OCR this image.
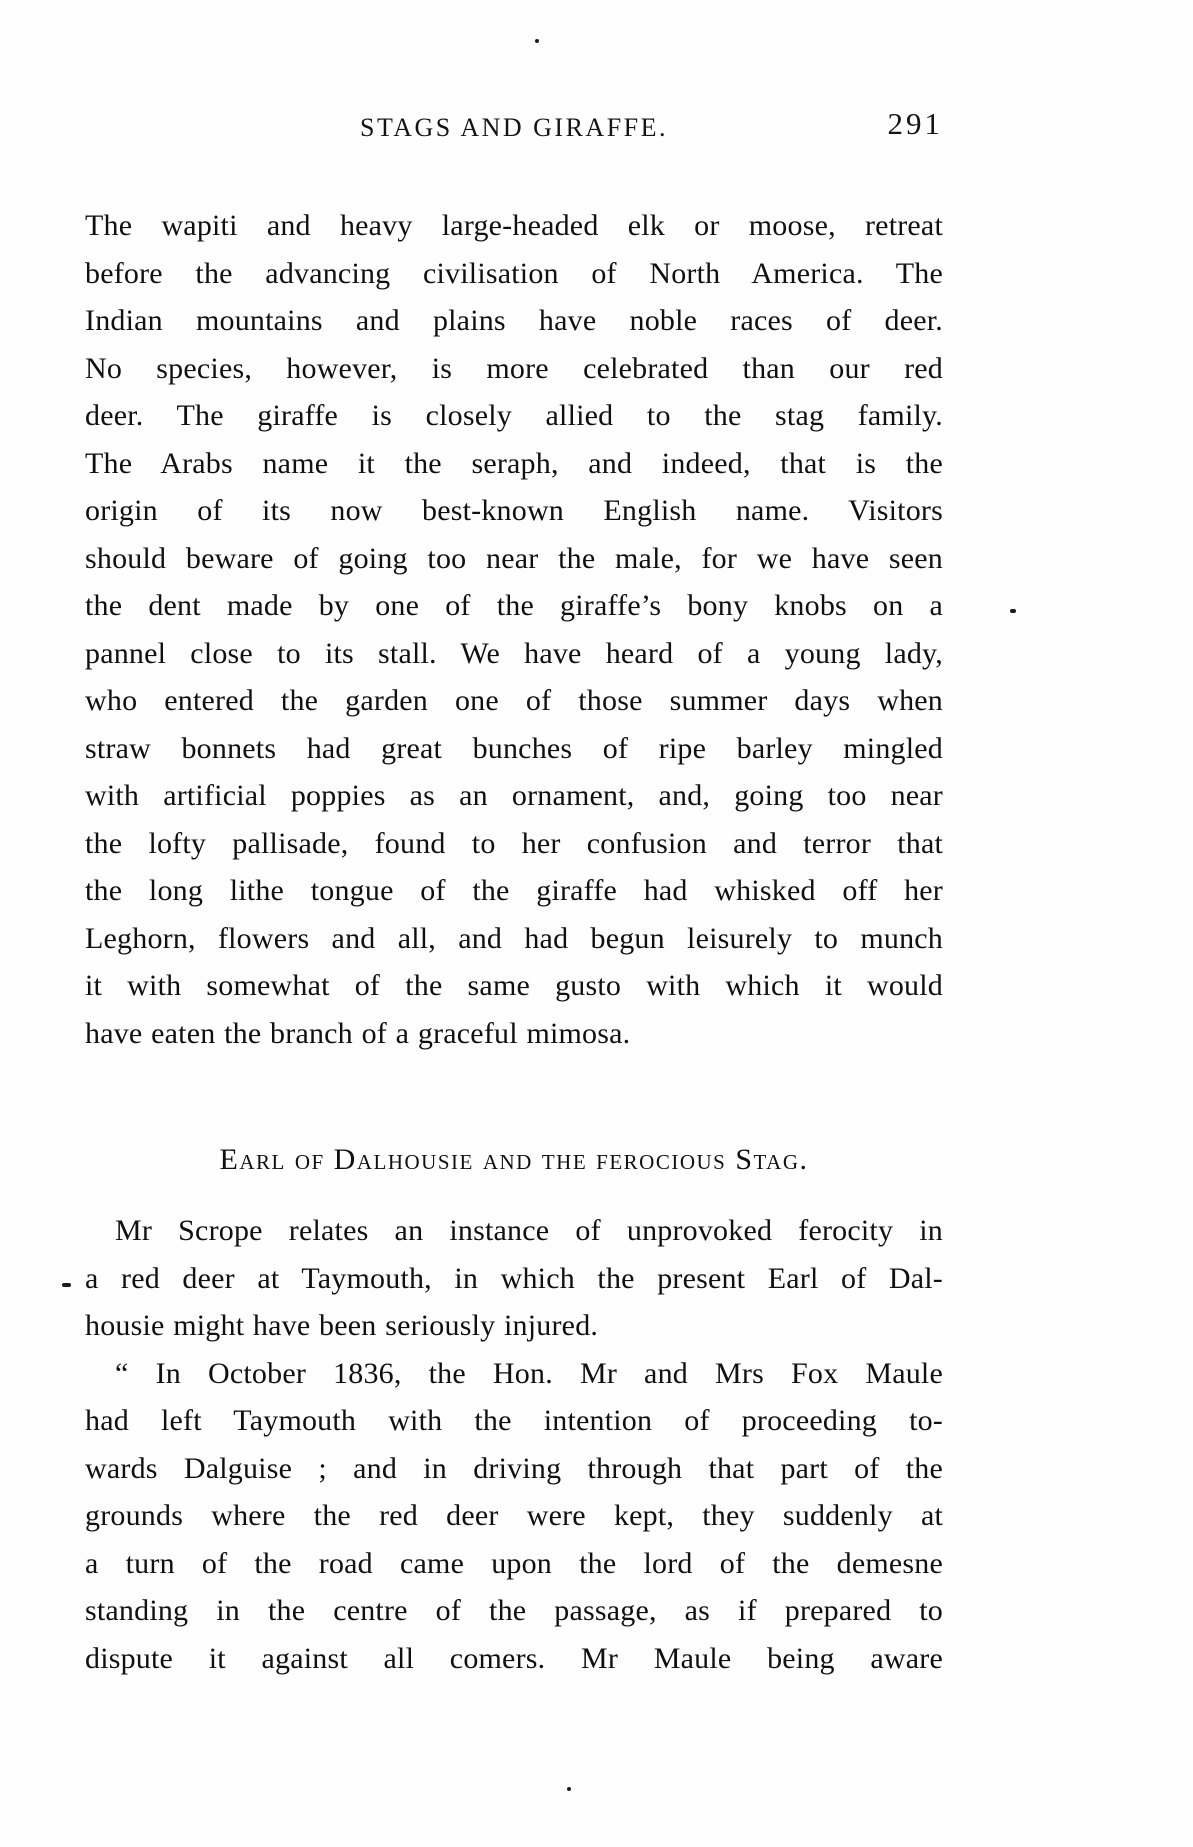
STAGS AND GIRAFFE.	291
The wapiti and heavy large-headed elk or moose, retreat
before the advancing civilisation of North America. The
Indian mountains and plains have noble races of deer.
No species, however, is more celebrated than our red
deer. The giraffe is closely allied to the stag family.
The Arabs name it the seraph, and indeed, that is the
origin of its now best-known English name. Visitors
should beware of going too near the male, for we have seen
the dent made by one of the giraffe’s bony knobs on a
pannel close to its stall. We have heard of a young lady,
who entered the garden one of those summer days when
straw bonnets had great bunches of ripe barley mingled
with artificial poppies as an ornament, and, going too near
the lofty pallisade, found to her confusion and terror that
the long lithe tongue of the giraffe had whisked off her
Leghorn, flowers and all, and had begun leisurely to munch
it with somewhat of the same gusto with which it would
have eaten the branch of a graceful mimosa.
Earl of Dalhousie and the ferocious Stag.
Mr Scrope relates an instance of unprovoked ferocity in
a red deer at Taymouth, in which the present Earl of Dal-
housie might have been seriously injured.
“ In October 1836, the Hon. Mr and Mrs Fox Maule
had left Taymouth with the intention of proceeding to-
wards Dalguise ; and in driving through that part of the
grounds where the red deer were kept, they suddenly at
a turn of the road came upon the lord of the demesne
standing in the centre of the passage, as if prepared to
dispute it against all comers. Mr Maule being aware
